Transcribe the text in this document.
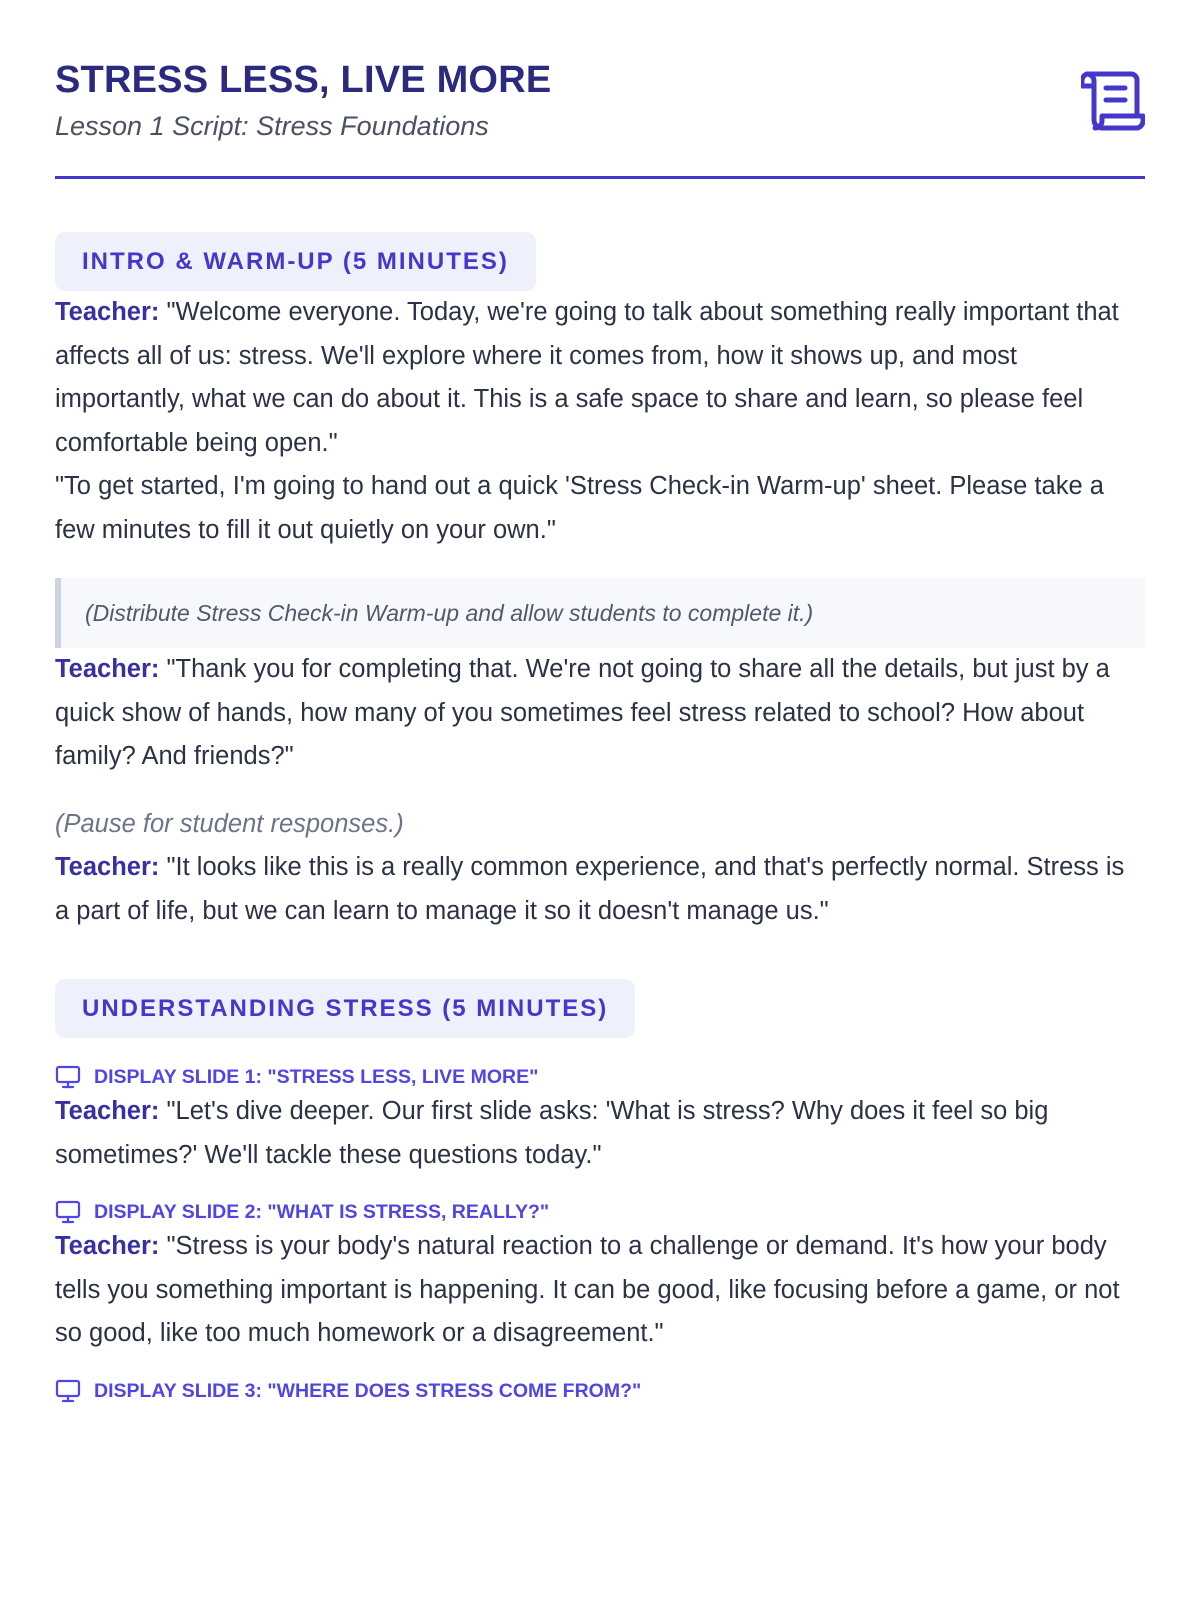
STRESS LESS, LIVE MORE
Lesson 1 Script: Stress Foundations
INTRO & WARM-UP (5 MINUTES)

Teacher: "Welcome everyone. Today, we're going to talk about something really important that affects all of us: stress. We'll explore where it comes from, how it shows up, and most importantly, what we can do about it. This is a safe space to share and learn, so please feel comfortable being open."

"To get started, I'm going to hand out a quick 'Stress Check-in Warm-up' sheet. Please take a few minutes to fill it out quietly on your own."

(Distribute Stress Check-in Warm-up and allow students to complete it.)

Teacher: "Thank you for completing that. We're not going to share all the details, but just by a quick show of hands, how many of you sometimes feel stress related to school? How about family? And friends?"

(Pause for student responses.)

Teacher: "It looks like this is a really common experience, and that's perfectly normal. Stress is a part of life, but we can learn to manage it so it doesn't manage us."

UNDERSTANDING STRESS (5 MINUTES)
DISPLAY SLIDE 1: "STRESS LESS, LIVE MORE"

Teacher: "Let's dive deeper. Our first slide asks: 'What is stress? Why does it feel so big sometimes?' We'll tackle these questions today."

DISPLAY SLIDE 2: "WHAT IS STRESS, REALLY?"

Teacher: "Stress is your body's natural reaction to a challenge or demand. It's how your body tells you something important is happening. It can be good, like focusing before a game, or not so good, like too much homework or a disagreement."

DISPLAY SLIDE 3: "WHERE DOES STRESS COME FROM?"
